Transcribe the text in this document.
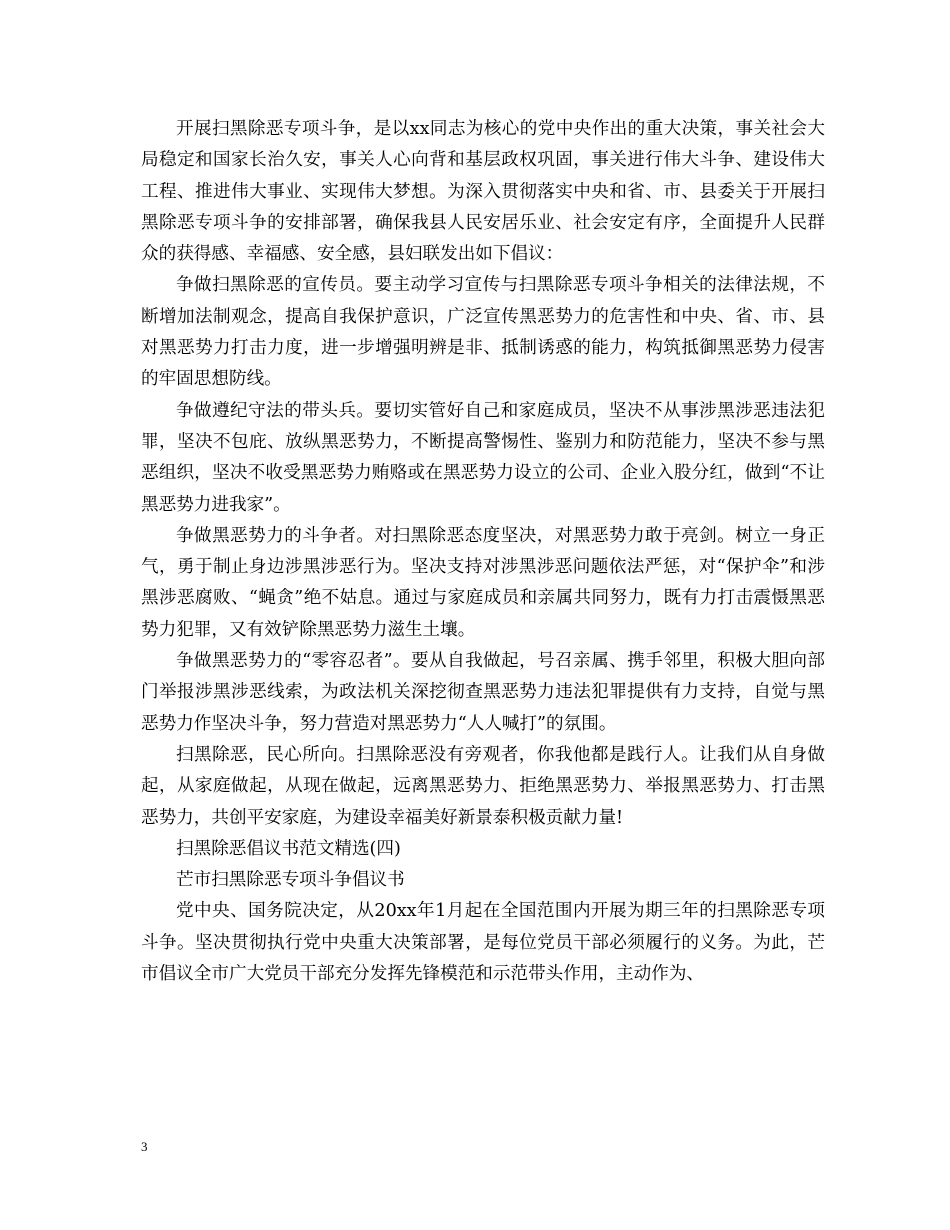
开展扫黑除恶专项斗争，是以xx同志为核心的党中央作出的重大决策，事关社会大局稳定和国家长治久安，事关人心向背和基层政权巩固，事关进行伟大斗争、建设伟大工程、推进伟大事业、实现伟大梦想。为深入贯彻落实中央和省、市、县委关于开展扫黑除恶专项斗争的安排部署，确保我县人民安居乐业、社会安定有序，全面提升人民群众的获得感、幸福感、安全感，县妇联发出如下倡议：

争做扫黑除恶的宣传员。要主动学习宣传与扫黑除恶专项斗争相关的法律法规，不断增加法制观念，提高自我保护意识，广泛宣传黑恶势力的危害性和中央、省、市、县对黑恶势力打击力度，进一步增强明辨是非、抵制诱惑的能力，构筑抵御黑恶势力侵害的牢固思想防线。

争做遵纪守法的带头兵。要切实管好自己和家庭成员，坚决不从事涉黑涉恶违法犯罪，坚决不包庇、放纵黑恶势力，不断提高警惕性、鉴别力和防范能力，坚决不参与黑恶组织，坚决不收受黑恶势力贿赂或在黑恶势力设立的公司、企业入股分红，做到“不让黑恶势力进我家”。

争做黑恶势力的斗争者。对扫黑除恶态度坚决，对黑恶势力敢于亮剑。树立一身正气，勇于制止身边涉黑涉恶行为。坚决支持对涉黑涉恶问题依法严惩，对“保护伞”和涉黑涉恶腐败、“蝇贪”绝不姑息。通过与家庭成员和亲属共同努力，既有力打击震慑黑恶势力犯罪，又有效铲除黑恶势力滋生土壤。

争做黑恶势力的“零容忍者”。要从自我做起，号召亲属、携手邻里，积极大胆向部门举报涉黑涉恶线索，为政法机关深挖彻查黑恶势力违法犯罪提供有力支持，自觉与黑恶势力作坚决斗争，努力营造对黑恶势力“人人喊打”的氛围。

扫黑除恶，民心所向。扫黑除恶没有旁观者，你我他都是践行人。让我们从自身做起，从家庭做起，从现在做起，远离黑恶势力、拒绝黑恶势力、举报黑恶势力、打击黑恶势力，共创平安家庭，为建设幸福美好新景泰积极贡献力量!

扫黑除恶倡议书范文精选(四)

芒市扫黑除恶专项斗争倡议书

党中央、国务院决定，从20xx年1月起在全国范围内开展为期三年的扫黑除恶专项斗争。坚决贯彻执行党中央重大决策部署，是每位党员干部必须履行的义务。为此，芒市倡议全市广大党员干部充分发挥先锋模范和示范带头作用，主动作为、

3
